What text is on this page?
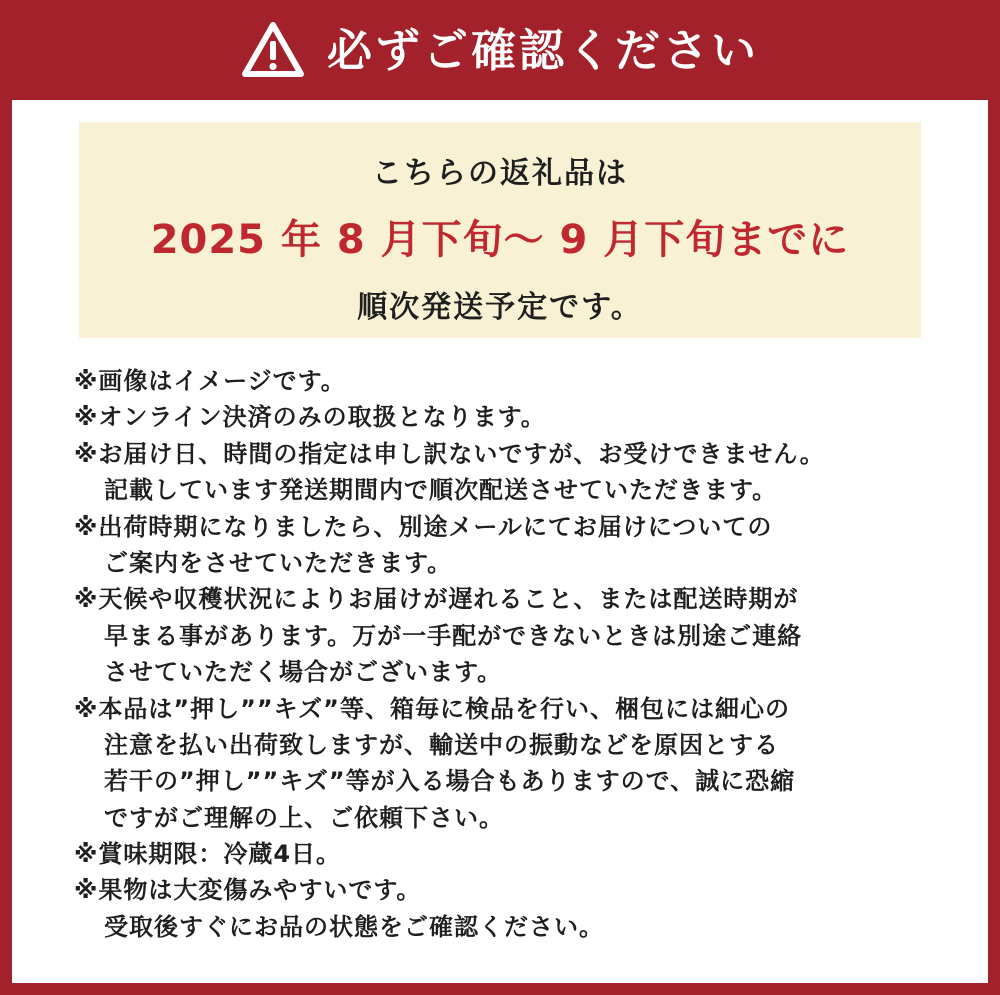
必ずご確認ください
こちらの返礼品は
2025 年 8 月下旬～ 9 月下旬までに
順次発送予定です。
※画像はイメージです。
※オンライン決済のみの取扱となります。
※お届け日、時間の指定は申し訳ないですが、お受けできません。
記載しています発送期間内で順次配送させていただきます。
※出荷時期になりましたら、別途メールにてお届けについての
ご案内をさせていただきます。
※天候や収穫状況によりお届けが遅れること、または配送時期が
早まる事があります。万が一手配ができないときは別途ご連絡
させていただく場合がございます。
※本品は”押し””キズ”等、箱毎に検品を行い、梱包には細心の
注意を払い出荷致しますが、輸送中の振動などを原因とする
若干の”押し””キズ”等が入る場合もありますので、誠に恐縮
ですがご理解の上、ご依頼下さい。
※賞味期限：冷蔵4日。
※果物は大変傷みやすいです。
受取後すぐにお品の状態をご確認ください。
